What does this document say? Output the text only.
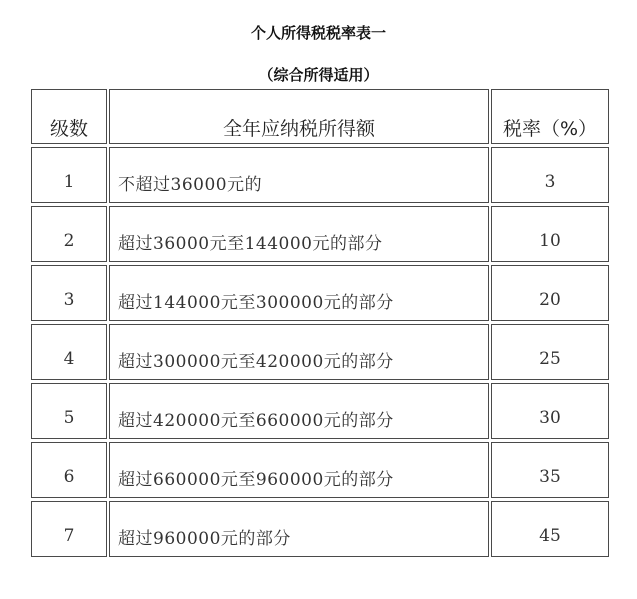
个人所得税税率表一
（综合所得适用）
级数	全年应纳税所得额	税率（%）
1	不超过36000元的	3
2	超过36000元至144000元的部分	10
3	超过144000元至300000元的部分	20
4	超过300000元至420000元的部分	25
5	超过420000元至660000元的部分	30
6	超过660000元至960000元的部分	35
7	超过960000元的部分	45
